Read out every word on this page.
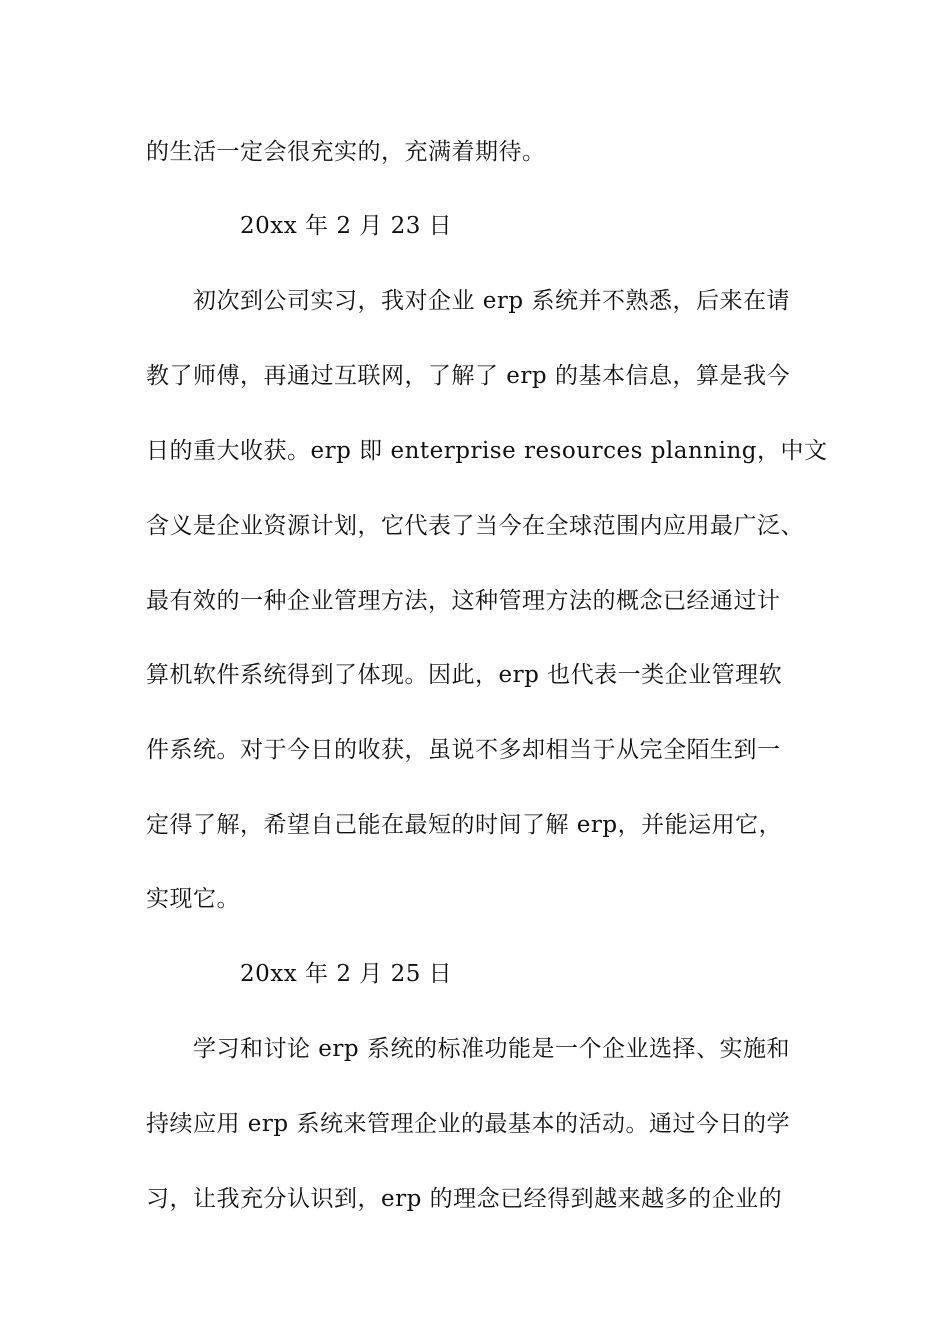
的生活一定会很充实的，充满着期待。
20xx 年 2 月 23 日
初次到公司实习，我对企业 erp 系统并不熟悉，后来在请
教了师傅，再通过互联网，了解了 erp 的基本信息，算是我今
日的重大收获。erp 即 enterprise resources planning，中文
含义是企业资源计划，它代表了当今在全球范围内应用最广泛、
最有效的一种企业管理方法，这种管理方法的概念已经通过计
算机软件系统得到了体现。因此，erp 也代表一类企业管理软
件系统。对于今日的收获，虽说不多却相当于从完全陌生到一
定得了解，希望自己能在最短的时间了解 erp，并能运用它，
实现它。
20xx 年 2 月 25 日
学习和讨论 erp 系统的标准功能是一个企业选择、实施和
持续应用 erp 系统来管理企业的最基本的活动。通过今日的学
习，让我充分认识到，erp 的理念已经得到越来越多的企业的
